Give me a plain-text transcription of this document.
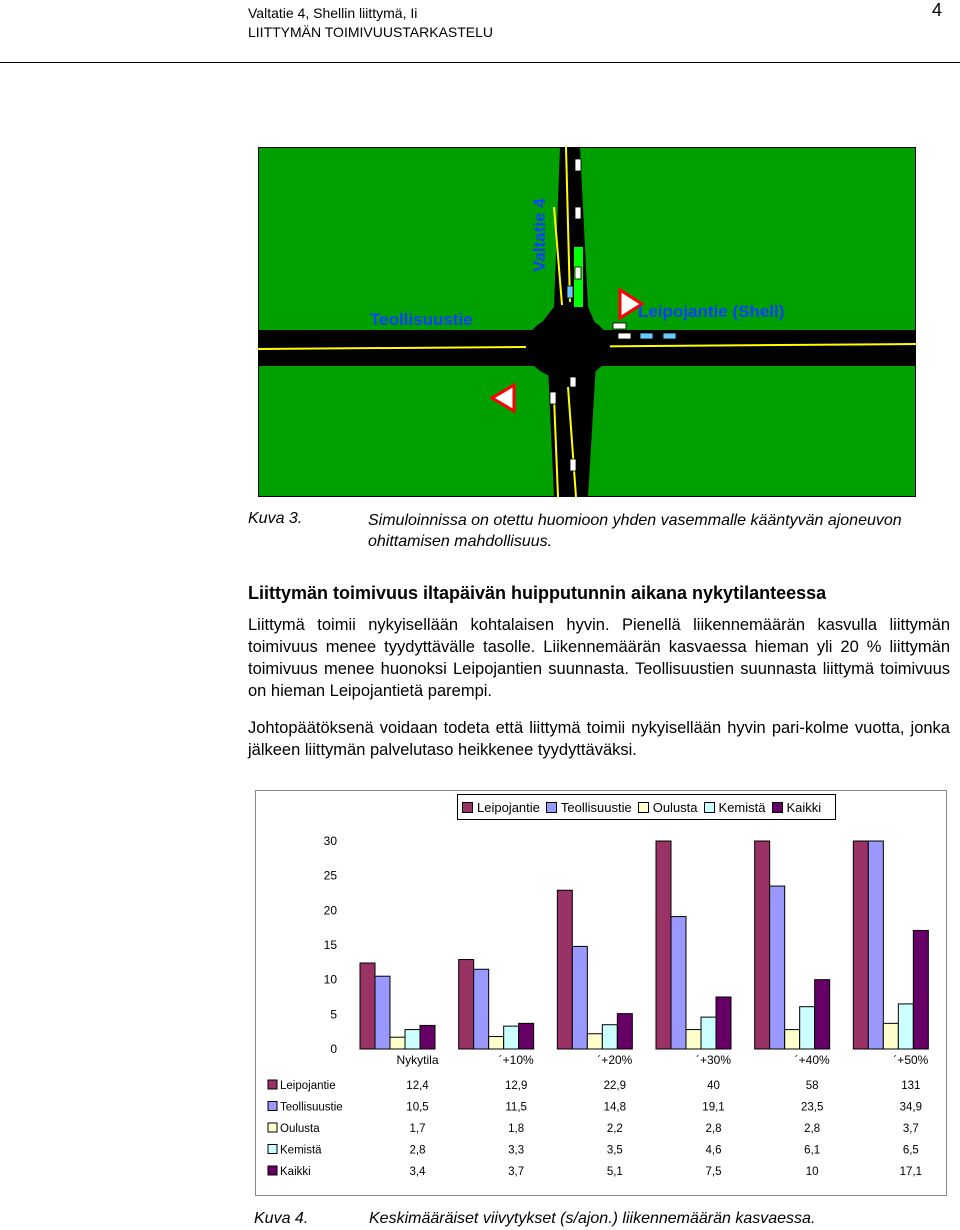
Valtatie 4, Shellin liittymä, Ii
LIITTYMÄN TOIMIVUUSTARKASTELU
4
Valtatie 4
Teollisuustie	Leipojantie (Shell)
Kuva 3.	Simuloinnissa on otettu huomioon yhden vasemmalle kääntyvän ajoneuvon ohittamisen mahdollisuus.
Liittymän toimivuus iltapäivän huipputunnin aikana nykytilanteessa
Liittymä toimii nykyisellään kohtalaisen hyvin. Pienellä liikennemäärän kasvulla liittymän toimivuus menee tyydyttävälle tasolle. Liikennemäärän kasvaessa hieman yli 20 % liittymän toimivuus menee huonoksi Leipojantien suunnasta. Teollisuustien suunnasta liittymä toimivuus on hieman Leipojantietä parempi.
Johtopäätöksenä voidaan todeta että liittymä toimii nykyisellään hyvin pari-kolme vuotta, jonka jälkeen liittymän palvelutaso heikkenee tyydyttäväksi.
Leipojantie Teollisuustie Oulusta Kemistä Kaikki
0
5
10
15
20
25
30
Nykytila	´+10%	´+20%	´+30%	´+40%	´+50%
Leipojantie	12,4	12,9	22,9	40	58	131
Teollisuustie	10,5	11,5	14,8	19,1	23,5	34,9
Oulusta	1,7	1,8	2,2	2,8	2,8	3,7
Kemistä	2,8	3,3	3,5	4,6	6,1	6,5
Kaikki	3,4	3,7	5,1	7,5	10	17,1
Kuva 4.	Keskimääräiset viivytykset (s/ajon.) liikennemäärän kasvaessa.
